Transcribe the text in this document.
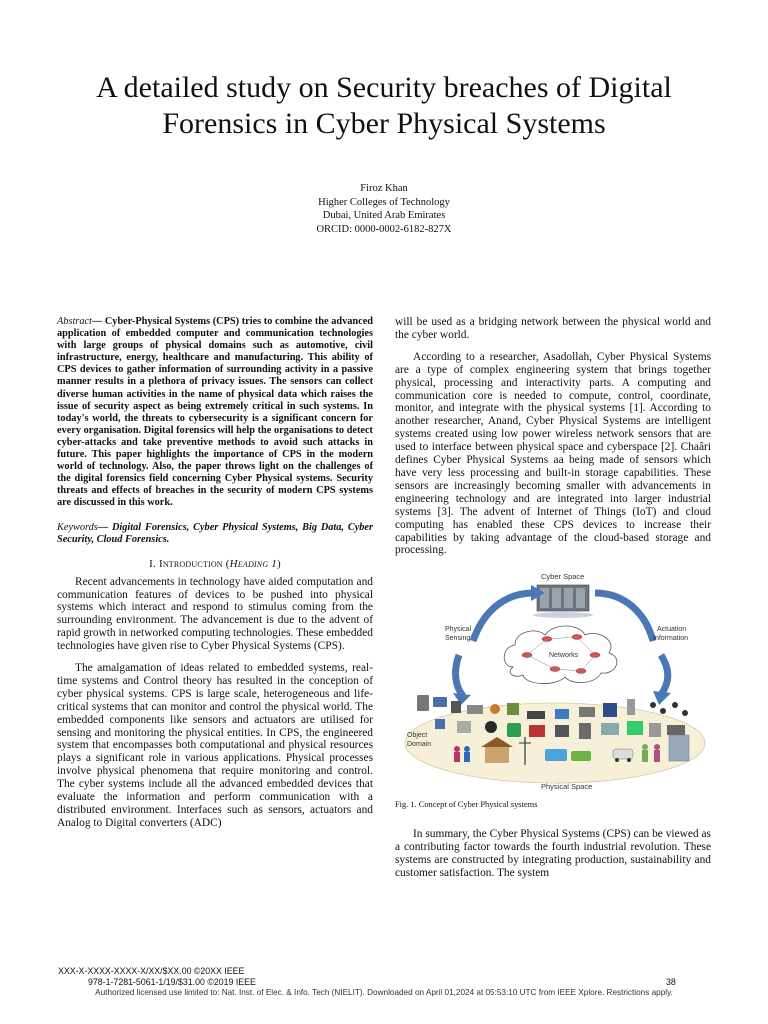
A detailed study on Security breaches of Digital
Forensics in Cyber Physical Systems
Firoz Khan
Higher Colleges of Technology
Dubai, United Arab Emirates
ORCID: 0000-0002-6182-827X

Abstract— Cyber-Physical Systems (CPS) tries to combine the advanced application of embedded computer and communication technologies with large groups of physical domains such as automotive, civil infrastructure, energy, healthcare and manufacturing. This ability of CPS devices to gather information of surrounding activity in a passive manner results in a plethora of privacy issues. The sensors can collect diverse human activities in the name of physical data which raises the issue of security aspect as being extremely critical in such systems. In today's world, the threats to cybersecurity is a significant concern for every organisation. Digital forensics will help the organisations to detect cyber-attacks and take preventive methods to avoid such attacks in future. This paper highlights the importance of CPS in the modern world of technology. Also, the paper throws light on the challenges of the digital forensics field concerning Cyber Physical systems. Security threats and effects of breaches in the security of modern CPS systems are discussed in this work.

Keywords— Digital Forensics, Cyber Physical Systems, Big Data, Cyber Security, Cloud Forensics.

I. Introduction (Heading 1)

Recent advancements in technology have aided computation and communication features of devices to be pushed into physical systems which interact and respond to stimulus coming from the surrounding environment. The advancement is due to the advent of rapid growth in networked computing technologies. These embedded technologies have given rise to Cyber Physical Systems (CPS).

The amalgamation of ideas related to embedded systems, real-time systems and Control theory has resulted in the conception of cyber physical systems. CPS is large scale, heterogeneous and life-critical systems that can monitor and control the physical world. The embedded components like sensors and actuators are utilised for sensing and monitoring the physical entities. In CPS, the engineered system that encompasses both computational and physical resources plays a significant role in various applications. Physical processes involve physical phenomena that require monitoring and control. The cyber systems include all the advanced embedded devices that evaluate the information and perform communication with a distributed environment. Interfaces such as sensors, actuators and Analog to Digital converters (ADC)

will be used as a bridging network between the physical world and the cyber world.

According to a researcher, Asadollah, Cyber Physical Systems are a type of complex engineering system that brings together physical, processing and interactivity parts. A computing and communication core is needed to compute, control, coordinate, monitor, and integrate with the physical systems [1]. According to another researcher, Anand, Cyber Physical Systems are intelligent systems created using low power wireless network sensors that are used to interface between physical space and cyberspace [2]. Chaâri defines Cyber Physical Systems aa being made of sensors which have very less processing and built-in storage capabilities. These sensors are increasingly becoming smaller with advancements in engineering technology and are integrated into larger industrial systems [3]. The advent of Internet of Things (IoT) and cloud computing has enabled these CPS devices to increase their capabilities by taking advantage of the cloud-based storage and processing.

Cyber Space
Physical
Sensing
Actuation
Information
Networks
Object
Domain
Physical Space

Fig. 1. Concept of Cyber Physical systems

In summary, the Cyber Physical Systems (CPS) can be viewed as a contributing factor towards the fourth industrial revolution. These systems are constructed by integrating production, sustainability and customer satisfaction. The system

XXX-X-XXXX-XXXX-X/XX/$XX.00 ©20XX IEEE
978-1-7281-5061-1/19/$31.00 ©2019 IEEE	38
Authorized licensed use limited to: Nat. Inst. of Elec. & Info. Tech (NIELIT). Downloaded on April 01,2024 at 05:53:10 UTC from IEEE Xplore. Restrictions apply.
